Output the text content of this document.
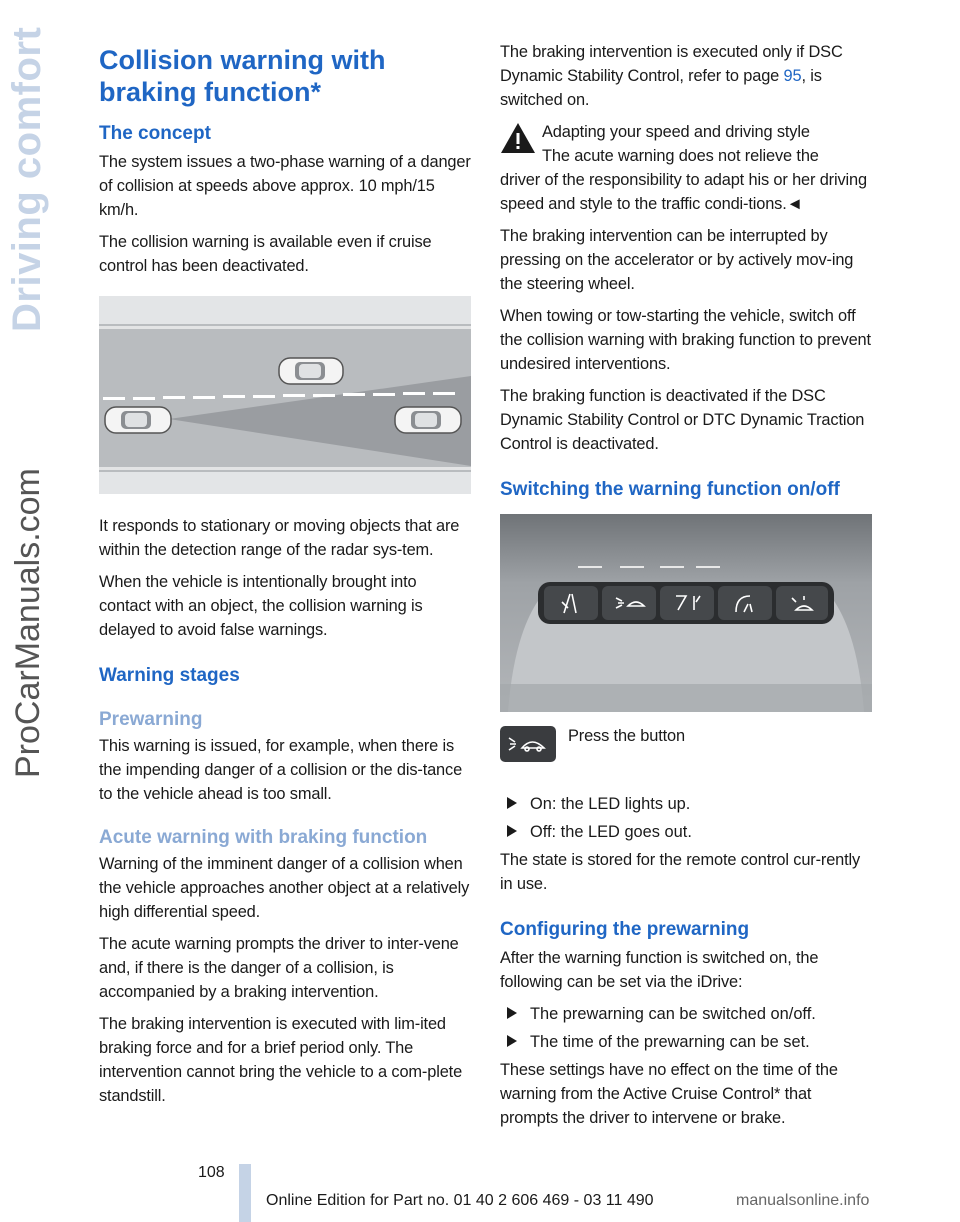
Driving comfort
ProCarManuals.com
Collision warning with braking function*
The concept

The system issues a two-phase warning of a danger of collision at speeds above approx. 10 mph/15 km/h.

The collision warning is available even if cruise control has been deactivated.

It responds to stationary or moving objects that are within the detection range of the radar sys-tem.

When the vehicle is intentionally brought into contact with an object, the collision warning is delayed to avoid false warnings.

Warning stages
Prewarning

This warning is issued, for example, when there is the impending danger of a collision or the dis-tance to the vehicle ahead is too small.

Acute warning with braking function

Warning of the imminent danger of a collision when the vehicle approaches another object at a relatively high differential speed.

The acute warning prompts the driver to inter-vene and, if there is the danger of a collision, is accompanied by a braking intervention.

The braking intervention is executed with lim-ited braking force and for a brief period only. The intervention cannot bring the vehicle to a com-plete standstill.

The braking intervention is executed only if DSC Dynamic Stability Control, refer to page 95, is switched on.

Adapting your speed and driving style

The acute warning does not relieve the

driver of the responsibility to adapt his or her driving speed and style to the traffic condi-tions.◄

The braking intervention can be interrupted by pressing on the accelerator or by actively mov-ing the steering wheel.

When towing or tow-starting the vehicle, switch off the collision warning with braking function to prevent undesired interventions.

The braking function is deactivated if the DSC Dynamic Stability Control or DTC Dynamic Traction Control is deactivated.

Switching the warning function on/off

Press the button

On: the LED lights up.
Off: the LED goes out.

The state is stored for the remote control cur-rently in use.

Configuring the prewarning

After the warning function is switched on, the following can be set via the iDrive:

The prewarning can be switched on/off.
The time of the prewarning can be set.

These settings have no effect on the time of the warning from the Active Cruise Control* that prompts the driver to intervene or brake.

108
Online Edition for Part no. 01 40 2 606 469 - 03 11 490	manualsonline.info
